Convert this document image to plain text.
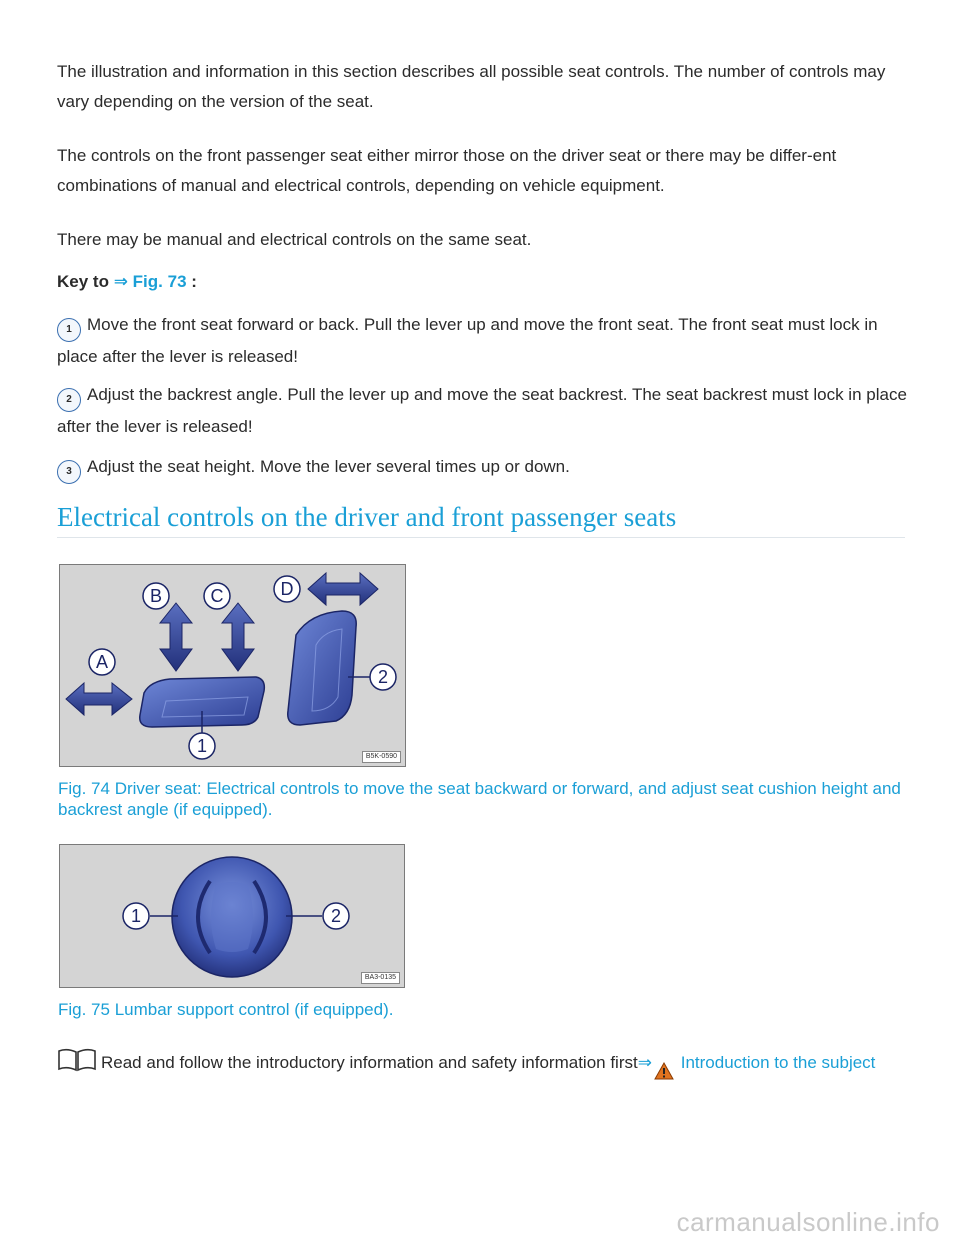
The illustration and information in this section describes all possible seat controls. The number of controls may vary depending on the version of the seat.

The controls on the front passenger seat either mirror those on the driver seat or there may be differ-ent combinations of manual and electrical controls, depending on vehicle equipment.

There may be manual and electrical controls on the same seat.

Key to ⇒ Fig. 73 :

1 Move the front seat forward or back. Pull the lever up and move the front seat. The front seat must lock in place after the lever is released!

2 Adjust the backrest angle. Pull the lever up and move the seat backrest. The seat backrest must lock in place after the lever is released!

3 Adjust the seat height. Move the lever several times up or down.

Electrical controls on the driver and front passenger seats
A
B	C	D
1
2
B5K-0590

Fig. 74 Driver seat: Electrical controls to move the seat backward or forward, and adjust seat cushion height and backrest angle (if equipped).

1	2
BA3-0135

Fig. 75 Lumbar support control (if equipped).

Read and follow the introductory information and safety information first⇒ Introduction to the subject
carmanualsonline.info
